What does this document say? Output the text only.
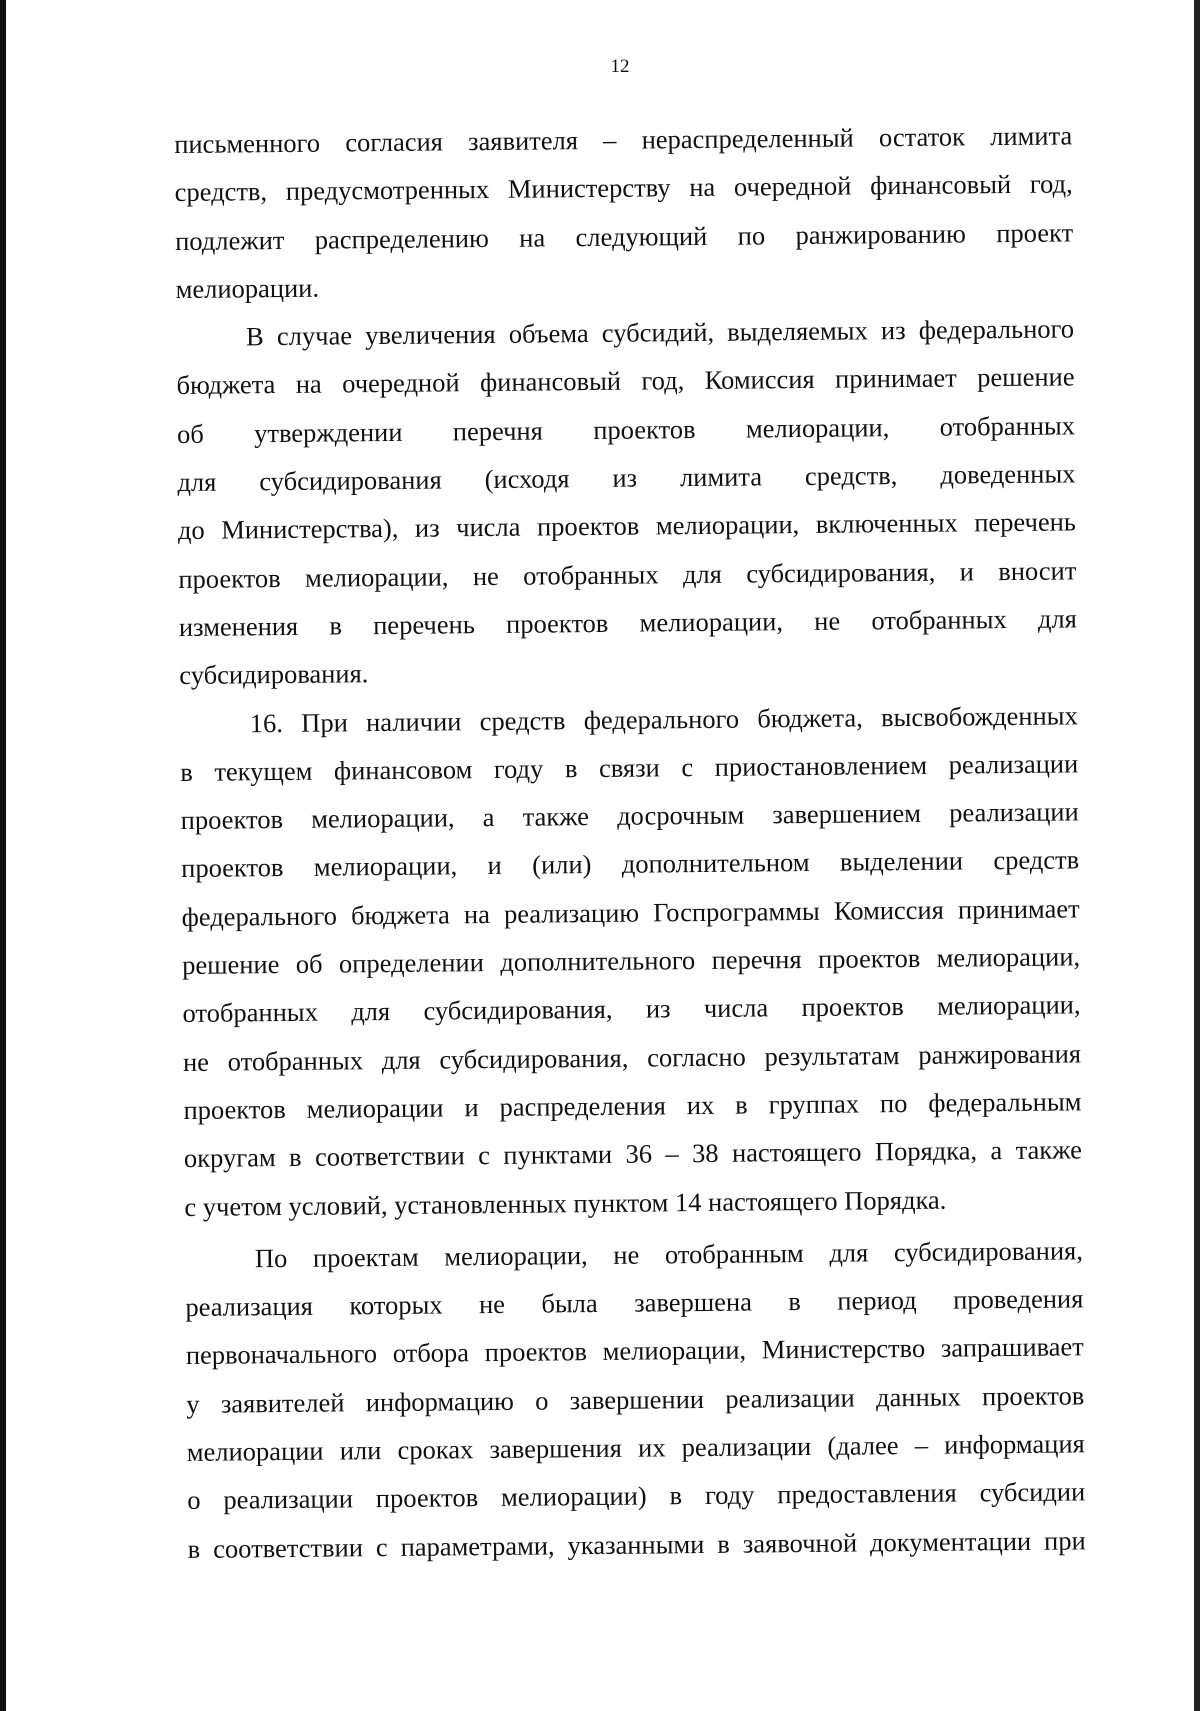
12

письменного согласия заявителя – нераспределенный остаток лимита
средств, предусмотренных Министерству на очередной финансовый год,
подлежит распределению на следующий по ранжированию проект
мелиорации.

В случае увеличения объема субсидий, выделяемых из федерального
бюджета на очередной финансовый год, Комиссия принимает решение
об утверждении перечня проектов мелиорации, отобранных
для субсидирования (исходя из лимита средств, доведенных
до Министерства), из числа проектов мелиорации, включенных перечень
проектов мелиорации, не отобранных для субсидирования, и вносит
изменения в перечень проектов мелиорации, не отобранных для
субсидирования.

16. При наличии средств федерального бюджета, высвобожденных
в текущем финансовом году в связи с приостановлением реализации
проектов мелиорации, а также досрочным завершением реализации
проектов мелиорации, и (или) дополнительном выделении средств
федерального бюджета на реализацию Госпрограммы Комиссия принимает
решение об определении дополнительного перечня проектов мелиорации,
отобранных для субсидирования, из числа проектов мелиорации,
не отобранных для субсидирования, согласно результатам ранжирования
проектов мелиорации и распределения их в группах по федеральным
округам в соответствии с пунктами 36 – 38 настоящего Порядка, а также
с учетом условий, установленных пунктом 14 настоящего Порядка.

По проектам мелиорации, не отобранным для субсидирования,
реализация которых не была завершена в период проведения
первоначального отбора проектов мелиорации, Министерство запрашивает
у заявителей информацию о завершении реализации данных проектов
мелиорации или сроках завершения их реализации (далее – информация
о реализации проектов мелиорации) в году предоставления субсидии
в соответствии с параметрами, указанными в заявочной документации при
